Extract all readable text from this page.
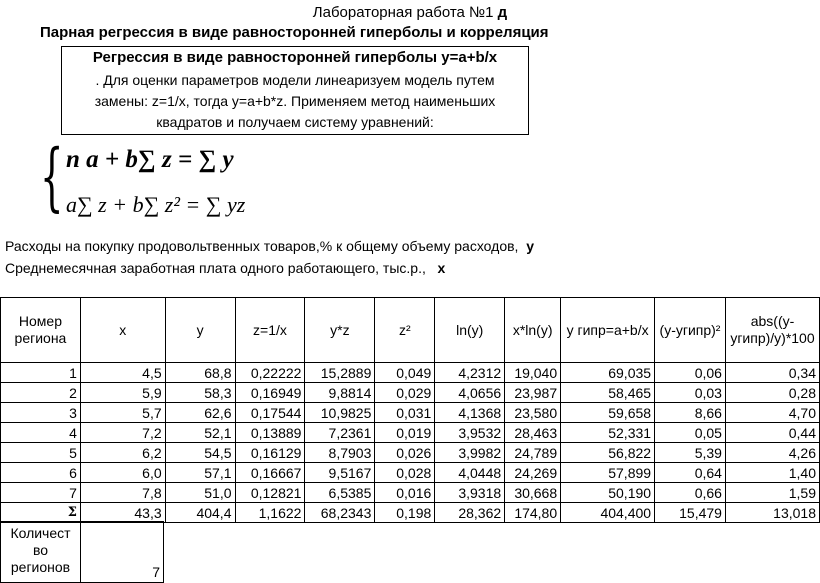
Лабораторная работа №1 д
Парная регрессия в виде равносторонней гиперболы и корреляция
Регрессия в виде равносторонней гиперболы y=a+b/x
. Для оценки параметров модели линеаризуем модель путем замены: z=1/x, тогда y=a+b*z. Применяем метод наименьших квадратов и получаем систему уравнений:
{ n a + b∑ z = ∑ y
a∑ z + b∑ z² = ∑ yz
Расходы на покупку продовольтвенных товаров,% к общему объему расходов, y
Среднемесячная заработная плата одного работающего, тыс.р., x
Номер региона	x	y	z=1/x	y*z	z²	ln(y)	x*ln(y)	y гипр=a+b/x	(y-yгипр)²	abs((y-yгипр)/y)*100
1	4,5	68,8	0,22222	15,2889	0,049	4,2312	19,040	69,035	0,06	0,34
2	5,9	58,3	0,16949	9,8814	0,029	4,0656	23,987	58,465	0,03	0,28
3	5,7	62,6	0,17544	10,9825	0,031	4,1368	23,580	59,658	8,66	4,70
4	7,2	52,1	0,13889	7,2361	0,019	3,9532	28,463	52,331	0,05	0,44
5	6,2	54,5	0,16129	8,7903	0,026	3,9982	24,789	56,822	5,39	4,26
6	6,0	57,1	0,16667	9,5167	0,028	4,0448	24,269	57,899	0,64	1,40
7	7,8	51,0	0,12821	6,5385	0,016	3,9318	30,668	50,190	0,66	1,59
Σ	43,3	404,4	1,1622	68,2343	0,198	28,362	174,80	404,400	15,479	13,018
Количест
во
регионов	7
